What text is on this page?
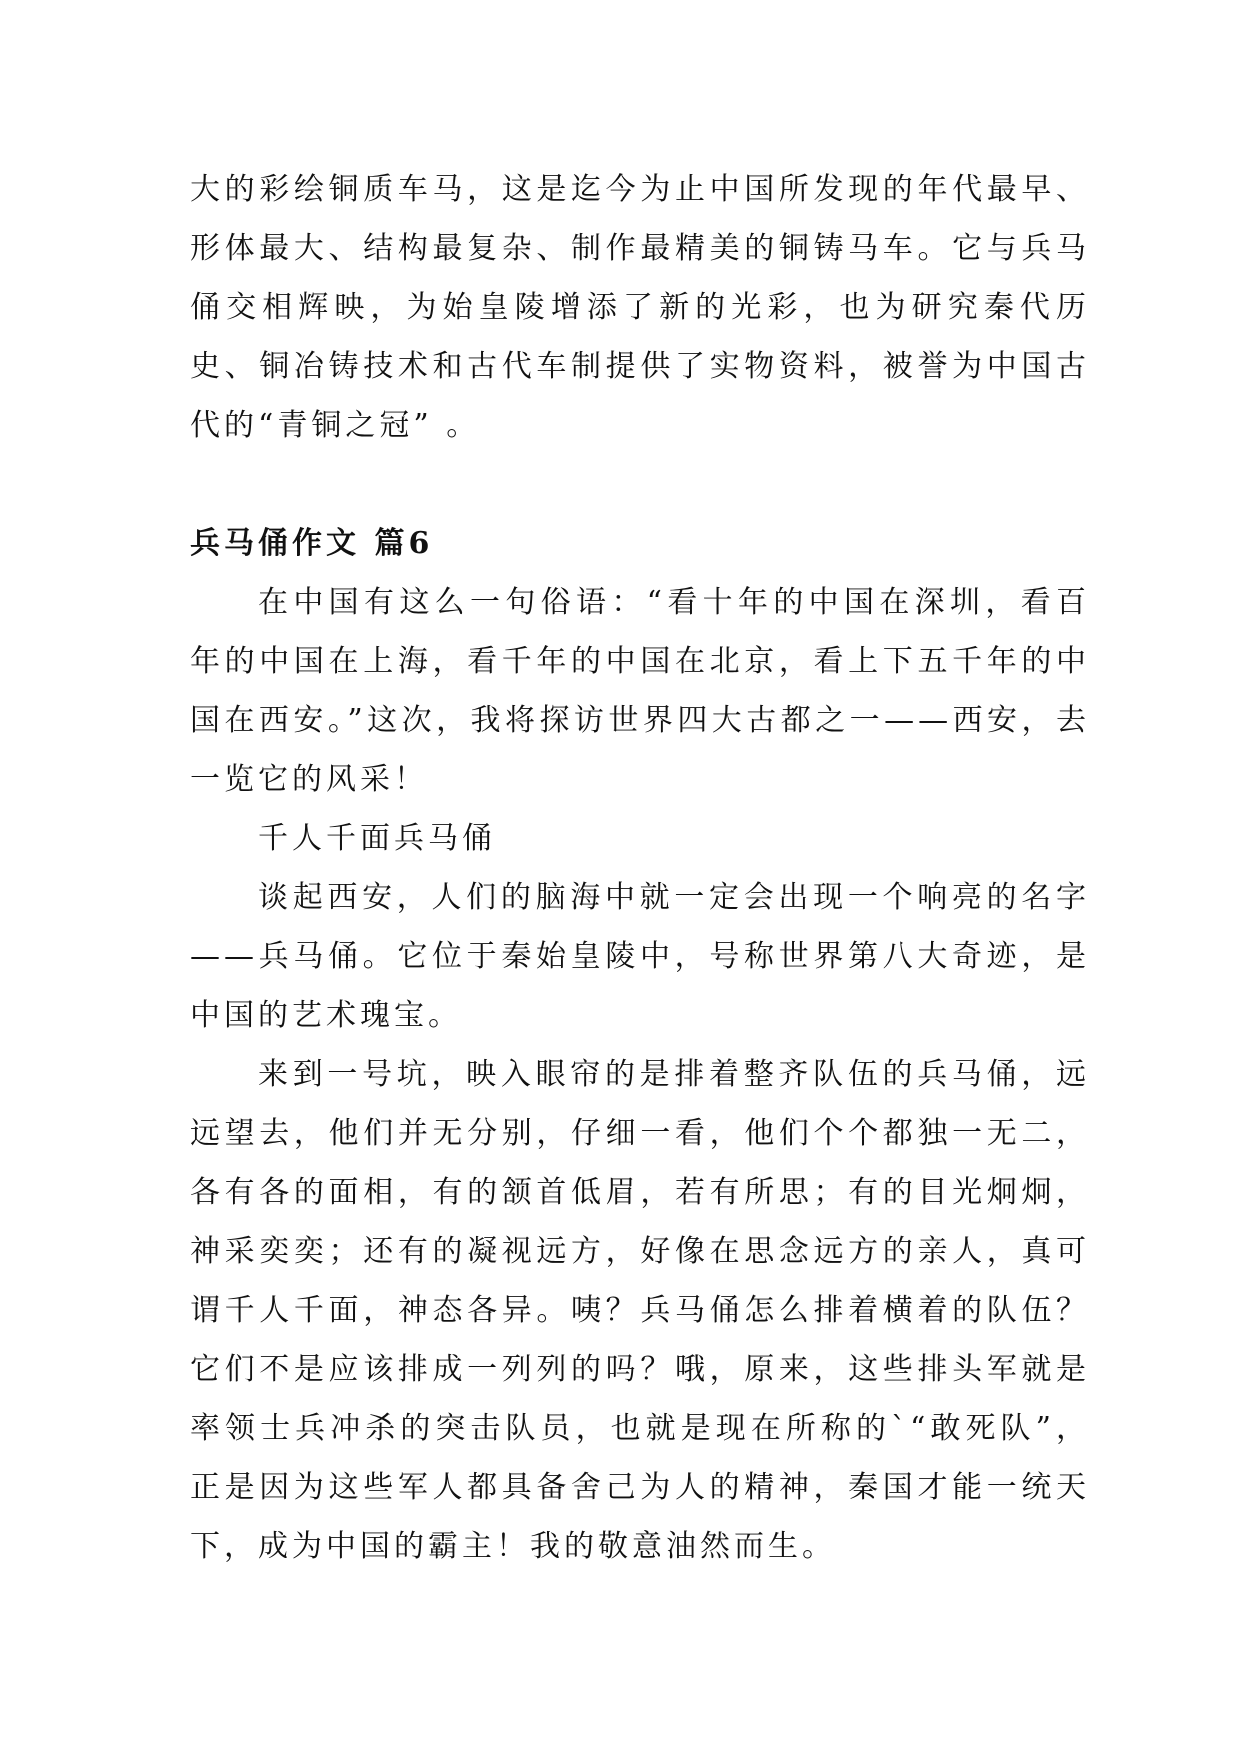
大的彩绘铜质车马，这是迄今为止中国所发现的年代最早、形体最大、结构最复杂、制作最精美的铜铸马车。它与兵马俑交相辉映，为始皇陵增添了新的光彩，也为研究秦代历史、铜冶铸技术和古代车制提供了实物资料，被誉为中国古代的“青铜之冠” 。

兵马俑作文 篇6

在中国有这么一句俗语：“看十年的中国在深圳，看百年的中国在上海，看千年的中国在北京，看上下五千年的中国在西安。”这次，我将探访世界四大古都之一——西安，去一览它的风采！

千人千面兵马俑

谈起西安，人们的脑海中就一定会出现一个响亮的名字——兵马俑。它位于秦始皇陵中，号称世界第八大奇迹，是中国的艺术瑰宝。

来到一号坑，映入眼帘的是排着整齐队伍的兵马俑，远远望去，他们并无分别，仔细一看，他们个个都独一无二，各有各的面相，有的颔首低眉，若有所思；有的目光炯炯，神采奕奕；还有的凝视远方，好像在思念远方的亲人，真可谓千人千面，神态各异。咦？兵马俑怎么排着横着的队伍？它们不是应该排成一列列的吗？哦，原来，这些排头军就是率领士兵冲杀的突击队员，也就是现在所称的`“敢死队”，正是因为这些军人都具备舍己为人的精神，秦国才能一统天下，成为中国的霸主！我的敬意油然而生。
